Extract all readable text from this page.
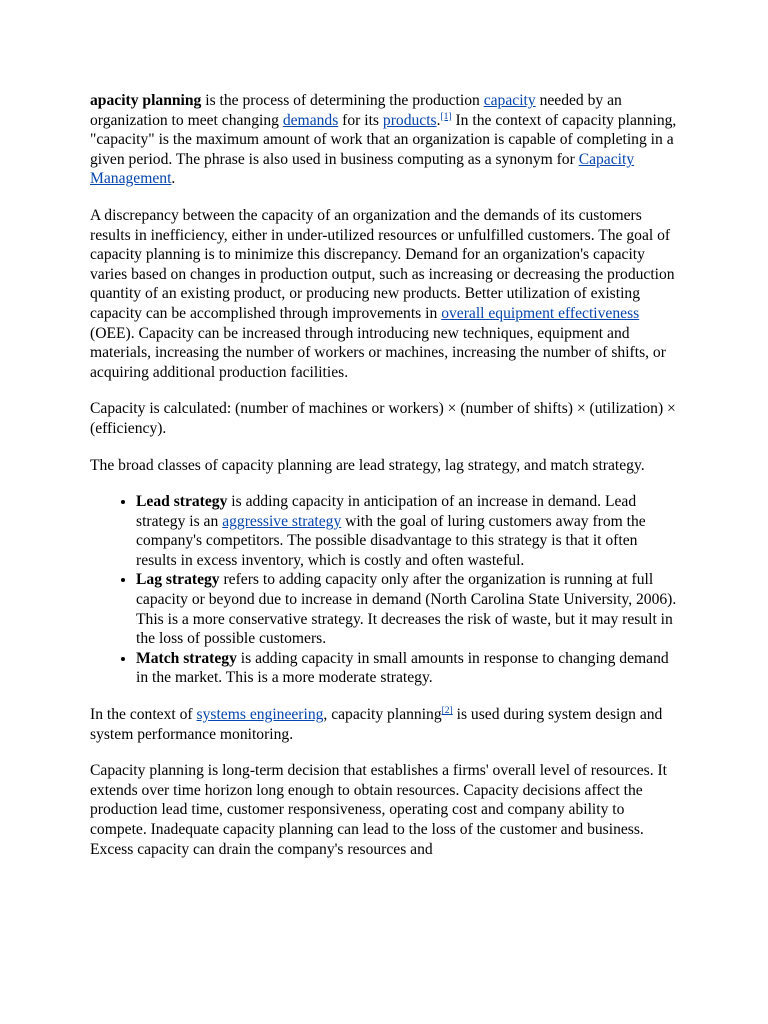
apacity planning is the process of determining the production capacity needed by an organization to meet changing demands for its products.[1] In the context of capacity planning, "capacity" is the maximum amount of work that an organization is capable of completing in a given period. The phrase is also used in business computing as a synonym for Capacity Management.

A discrepancy between the capacity of an organization and the demands of its customers results in inefficiency, either in under-utilized resources or unfulfilled customers. The goal of capacity planning is to minimize this discrepancy. Demand for an organization's capacity varies based on changes in production output, such as increasing or decreasing the production quantity of an existing product, or producing new products. Better utilization of existing capacity can be accomplished through improvements in overall equipment effectiveness (OEE). Capacity can be increased through introducing new techniques, equipment and materials, increasing the number of workers or machines, increasing the number of shifts, or acquiring additional production facilities.

Capacity is calculated: (number of machines or workers) × (number of shifts) × (utilization) × (efficiency).

The broad classes of capacity planning are lead strategy, lag strategy, and match strategy.

• Lead strategy is adding capacity in anticipation of an increase in demand. Lead strategy is an aggressive strategy with the goal of luring customers away from the company's competitors. The possible disadvantage to this strategy is that it often results in excess inventory, which is costly and often wasteful.
• Lag strategy refers to adding capacity only after the organization is running at full capacity or beyond due to increase in demand (North Carolina State University, 2006). This is a more conservative strategy. It decreases the risk of waste, but it may result in the loss of possible customers.
• Match strategy is adding capacity in small amounts in response to changing demand in the market. This is a more moderate strategy.

In the context of systems engineering, capacity planning[2] is used during system design and system performance monitoring.

Capacity planning is long-term decision that establishes a firms' overall level of resources. It extends over time horizon long enough to obtain resources. Capacity decisions affect the production lead time, customer responsiveness, operating cost and company ability to compete. Inadequate capacity planning can lead to the loss of the customer and business. Excess capacity can drain the company's resources and
